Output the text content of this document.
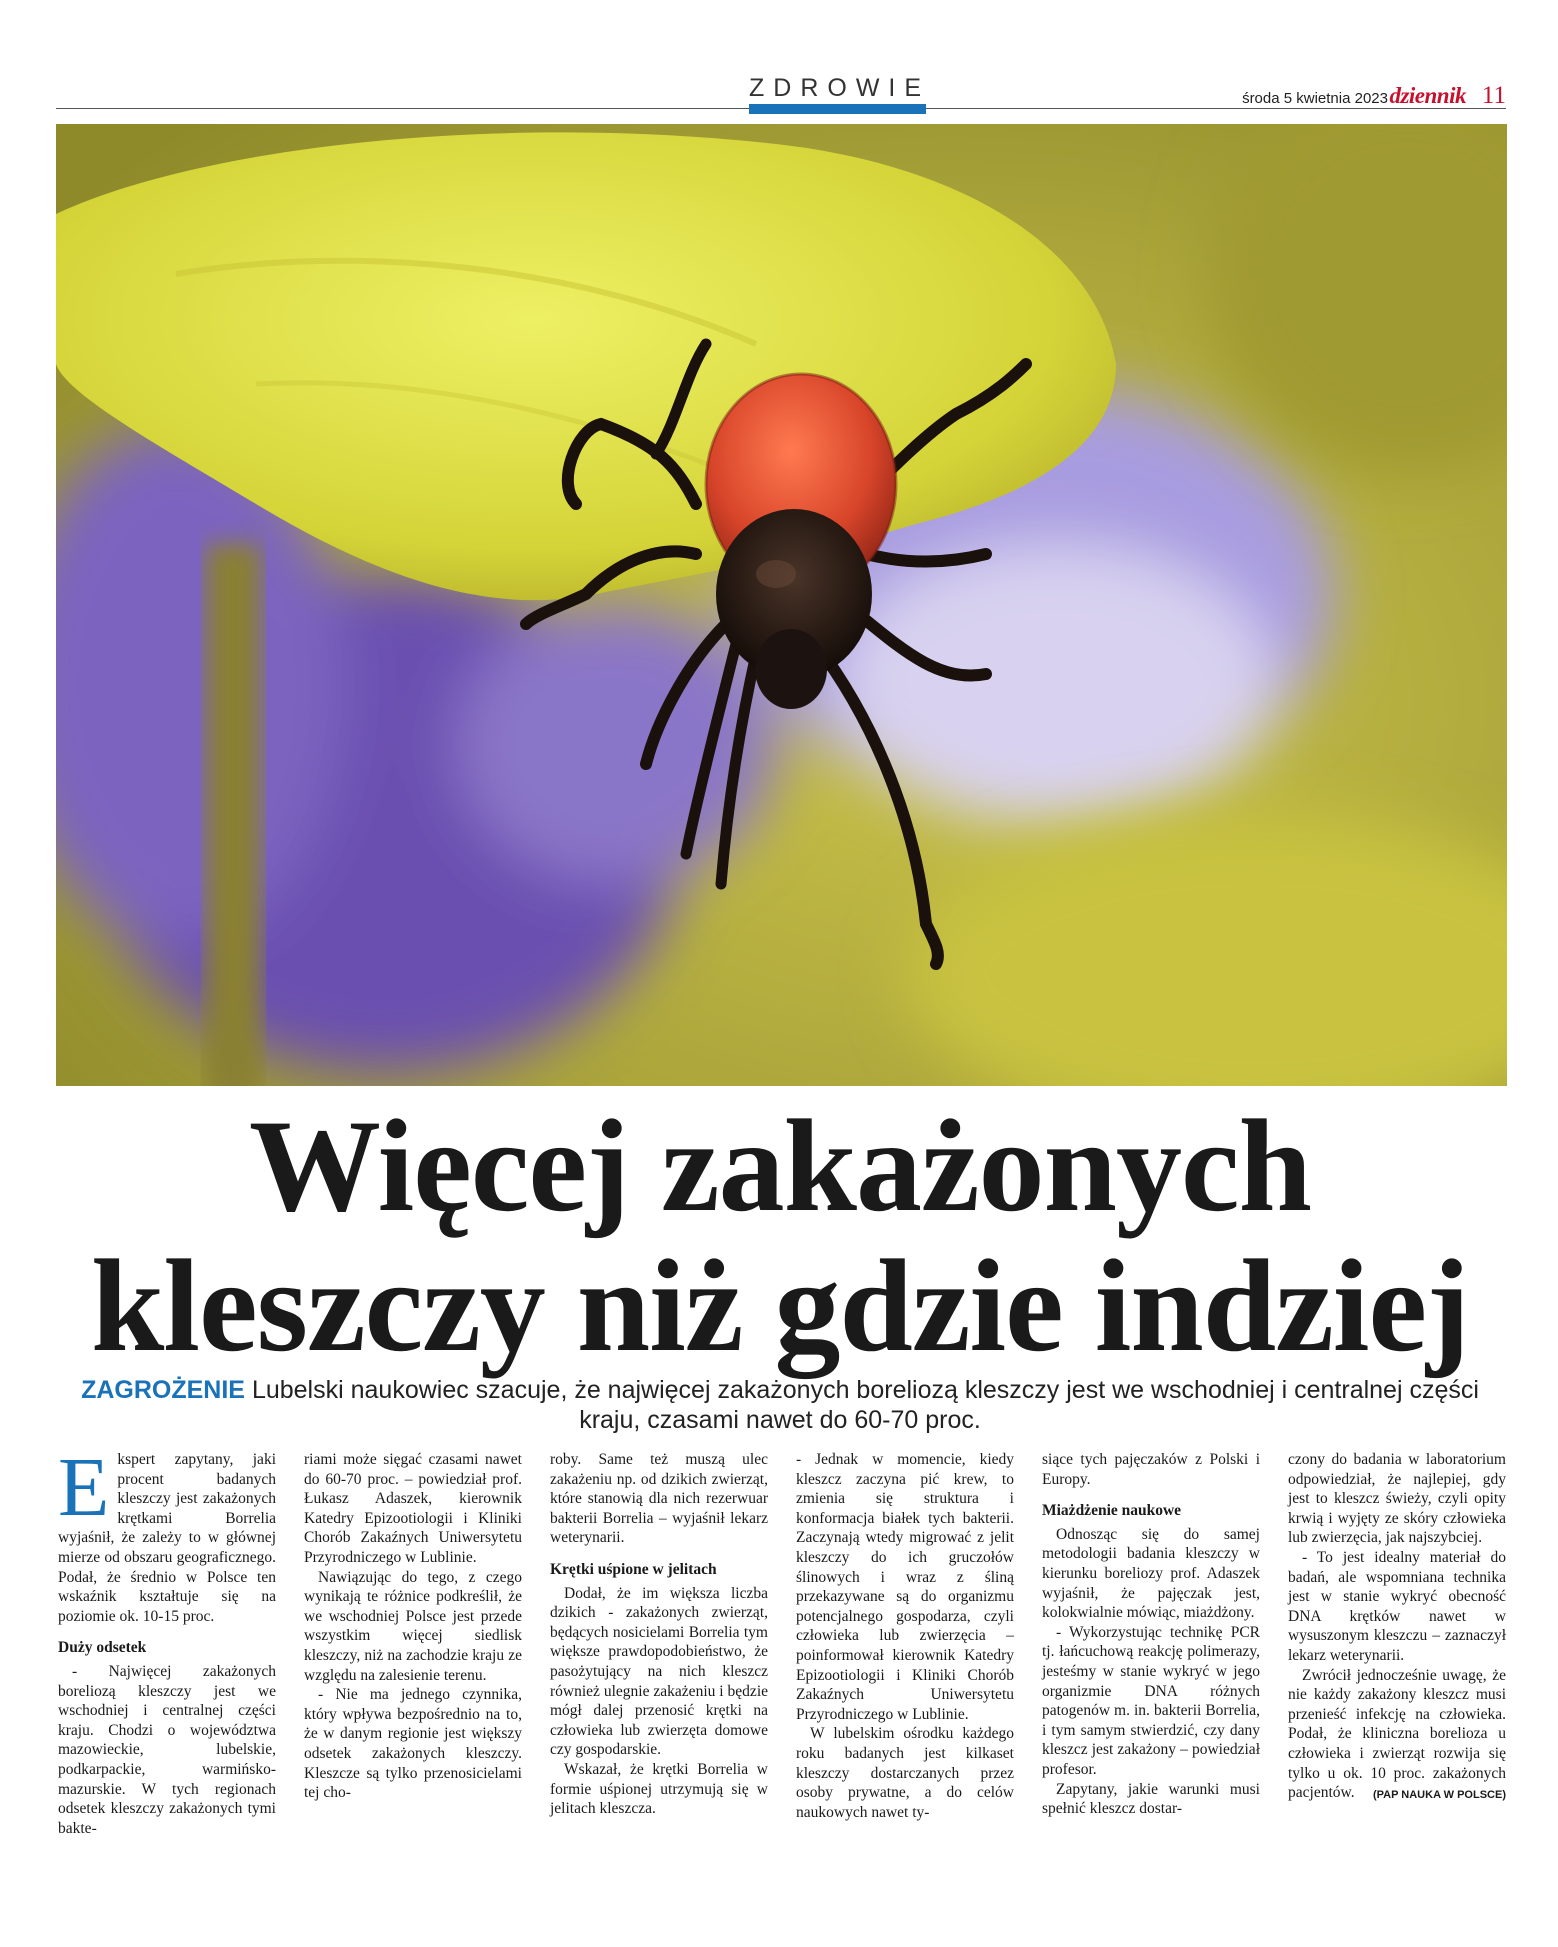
ZDROWIE	środa 5 kwietnia 2023 dziennik 11
Więcej zakażonych
kleszczy niż gdzie indziej
ZAGROŻENIE Lubelski naukowiec szacuje, że najwięcej zakażonych boreliozą kleszczy jest we wschodniej i centralnej części kraju, czasami nawet do 60-70 proc.

Ekspert zapytany, jaki procent badanych kleszczy jest zakażonych krętkami Borrelia wyjaśnił, że zależy to w głównej mierze od obszaru geograficznego. Podał, że średnio w Polsce ten wskaźnik kształtuje się na poziomie ok. 10-15 proc.

Duży odsetek

- Najwięcej zakażonych boreliozą kleszczy jest we wschodniej i centralnej części kraju. Chodzi o województwa mazowieckie, lubelskie, podkarpackie, warmińsko-mazurskie. W tych regionach odsetek kleszczy zakażonych tymi bakte-

riami może sięgać czasami nawet do 60-70 proc. – powiedział prof. Łukasz Adaszek, kierownik Katedry Epizootiologii i Kliniki Chorób Zakaźnych Uniwersytetu Przyrodniczego w Lublinie.

Nawiązując do tego, z czego wynikają te różnice podkreślił, że we wschodniej Polsce jest przede wszystkim więcej siedlisk kleszczy, niż na zachodzie kraju ze względu na zalesienie terenu.

- Nie ma jednego czynnika, który wpływa bezpośrednio na to, że w danym regionie jest większy odsetek zakażonych kleszczy. Kleszcze są tylko przenosicielami tej cho-

roby. Same też muszą ulec zakażeniu np. od dzikich zwierząt, które stanowią dla nich rezerwuar bakterii Borrelia – wyjaśnił lekarz weterynarii.

Krętki uśpione w jelitach

Dodał, że im większa liczba dzikich - zakażonych zwierząt, będących nosicielami Borrelia tym większe prawdopodobieństwo, że pasożytujący na nich kleszcz również ulegnie zakażeniu i będzie mógł dalej przenosić krętki na człowieka lub zwierzęta domowe czy gospodarskie.

Wskazał, że krętki Borrelia w formie uśpionej utrzymują się w jelitach kleszcza.

- Jednak w momencie, kiedy kleszcz zaczyna pić krew, to zmienia się struktura i konformacja białek tych bakterii. Zaczynają wtedy migrować z jelit kleszczy do ich gruczołów ślinowych i wraz z śliną przekazywane są do organizmu potencjalnego gospodarza, czyli człowieka lub zwierzęcia – poinformował kierownik Katedry Epizootiologii i Kliniki Chorób Zakaźnych Uniwersytetu Przyrodniczego w Lublinie.

W lubelskim ośrodku każdego roku badanych jest kilkaset kleszczy dostarczanych przez osoby prywatne, a do celów naukowych nawet ty-

siące tych pajęczaków z Polski i Europy.

Miażdżenie naukowe

Odnosząc się do samej metodologii badania kleszczy w kierunku boreliozy prof. Adaszek wyjaśnił, że pajęczak jest, kolokwialnie mówiąc, miażdżony.

- Wykorzystując technikę PCR tj. łańcuchową reakcję polimerazy, jesteśmy w stanie wykryć w jego organizmie DNA różnych patogenów m. in. bakterii Borrelia, i tym samym stwierdzić, czy dany kleszcz jest zakażony – powiedział profesor.

Zapytany, jakie warunki musi spełnić kleszcz dostar-

czony do badania w laboratorium odpowiedział, że najlepiej, gdy jest to kleszcz świeży, czyli opity krwią i wyjęty ze skóry człowieka lub zwierzęcia, jak najszybciej.

- To jest idealny materiał do badań, ale wspomniana technika jest w stanie wykryć obecność DNA krętków nawet w wysuszonym kleszczu – zaznaczył lekarz weterynarii.

Zwrócił jednocześnie uwagę, że nie każdy zakażony kleszcz musi przenieść infekcję na człowieka. Podał, że kliniczna borelioza u człowieka i zwierząt rozwija się tylko u ok. 10 proc. zakażonych pacjentów.	(PAP NAUKA W POLSCE)
